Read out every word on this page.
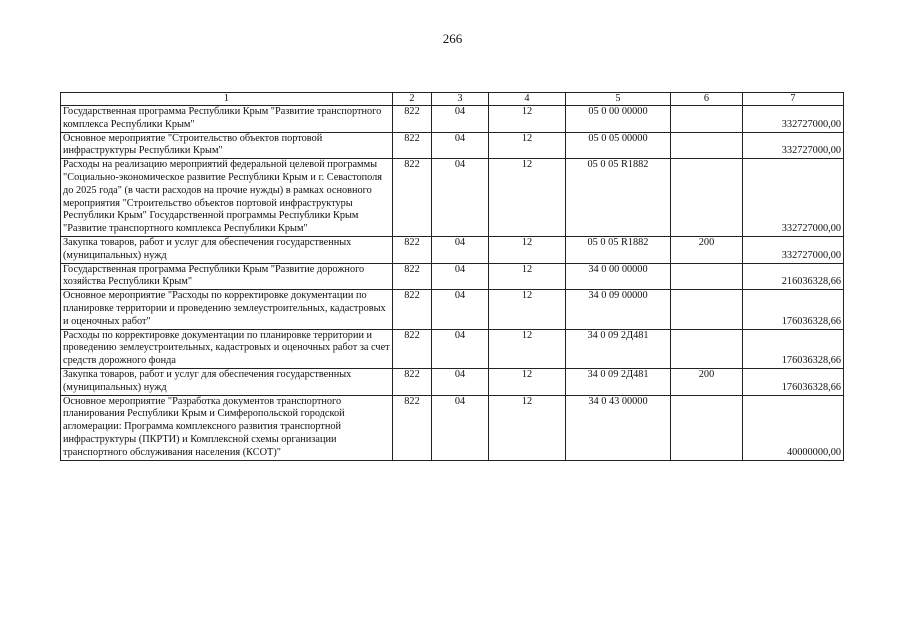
266
1	2	3	4	5	6	7
Государственная программа Республики Крым "Развитие транспортного комплекса Республики Крым"	822	04	12	05 0 00 00000		332727000,00
Основное мероприятие "Строительство объектов портовой инфраструктуры Республики Крым"	822	04	12	05 0 05 00000		332727000,00
Расходы на реализацию мероприятий федеральной целевой программы "Социально-экономическое развитие Республики Крым и г. Севастополя до 2025 года" (в части расходов на прочие нужды) в рамках основного мероприятия "Строительство объектов портовой инфраструктуры Республики Крым" Государственной программы Республики Крым "Развитие транспортного комплекса Республики Крым"	822	04	12	05 0 05 R1882		332727000,00
Закупка товаров, работ и услуг для обеспечения государственных (муниципальных) нужд	822	04	12	05 0 05 R1882	200	332727000,00
Государственная программа Республики Крым "Развитие дорожного хозяйства Республики Крым"	822	04	12	34 0 00 00000		216036328,66
Основное мероприятие "Расходы по корректировке документации по планировке территории и проведению землеустроительных, кадастровых и оценочных работ"	822	04	12	34 0 09 00000		176036328,66
Расходы по корректировке документации по планировке территории и проведению землеустроительных, кадастровых и оценочных работ за счет средств дорожного фонда	822	04	12	34 0 09 2Д481		176036328,66
Закупка товаров, работ и услуг для обеспечения государственных (муниципальных) нужд	822	04	12	34 0 09 2Д481	200	176036328,66
Основное мероприятие "Разработка документов транспортного планирования Республики Крым и Симферопольской городской агломерации: Программа комплексного развития транспортной инфраструктуры (ПКРТИ) и Комплексной схемы организации транспортного обслуживания населения (КСОТ)"	822	04	12	34 0 43 00000		40000000,00
